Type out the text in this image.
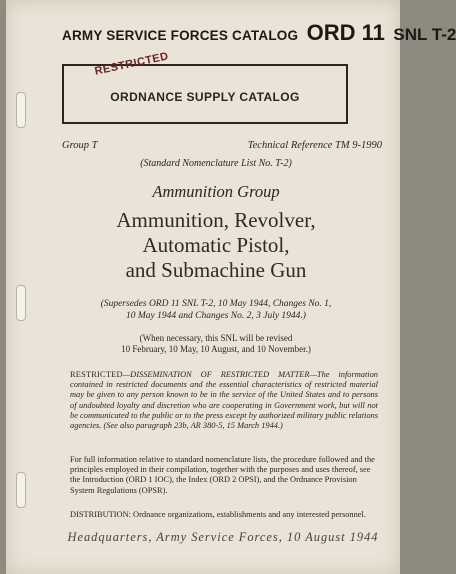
ARMY SERVICE FORCES CATALOG ORD 11 SNL T-2
ORDNANCE SUPPLY CATALOG
RESTRICTED
Group T	Technical Reference TM 9-1990
(Standard Nomenclature List No. T-2)
Ammunition Group
Ammunition, Revolver,
Automatic Pistol,
and Submachine Gun
(Supersedes ORD 11 SNL T-2, 10 May 1944, Changes No. 1,
10 May 1944 and Changes No. 2, 3 July 1944.)
(When necessary, this SNL will be revised
10 February, 10 May, 10 August, and 10 November.)
RESTRICTED—DISSEMINATION OF RESTRICTED MATTER—The information contained in restricted documents and the essential characteristics of restricted material may be given to any person known to be in the service of the United States and to persons of undoubted loyalty and discretion who are cooperating in Government work, but will not be communicated to the public or to the press except by authorized military public relations agencies. (See also paragraph 23b, AR 380-5, 15 March 1944.)
For full information relative to standard nomenclature lists, the procedure followed and the principles employed in their compilation, together with the purposes and uses thereof, see the Introduction (ORD 1 IOC), the Index (ORD 2 OPSI), and the Ordnance Provision System Regulations (OPSR).
DISTRIBUTION: Ordnance organizations, establishments and any interested personnel.
Headquarters, Army Service Forces, 10 August 1944
